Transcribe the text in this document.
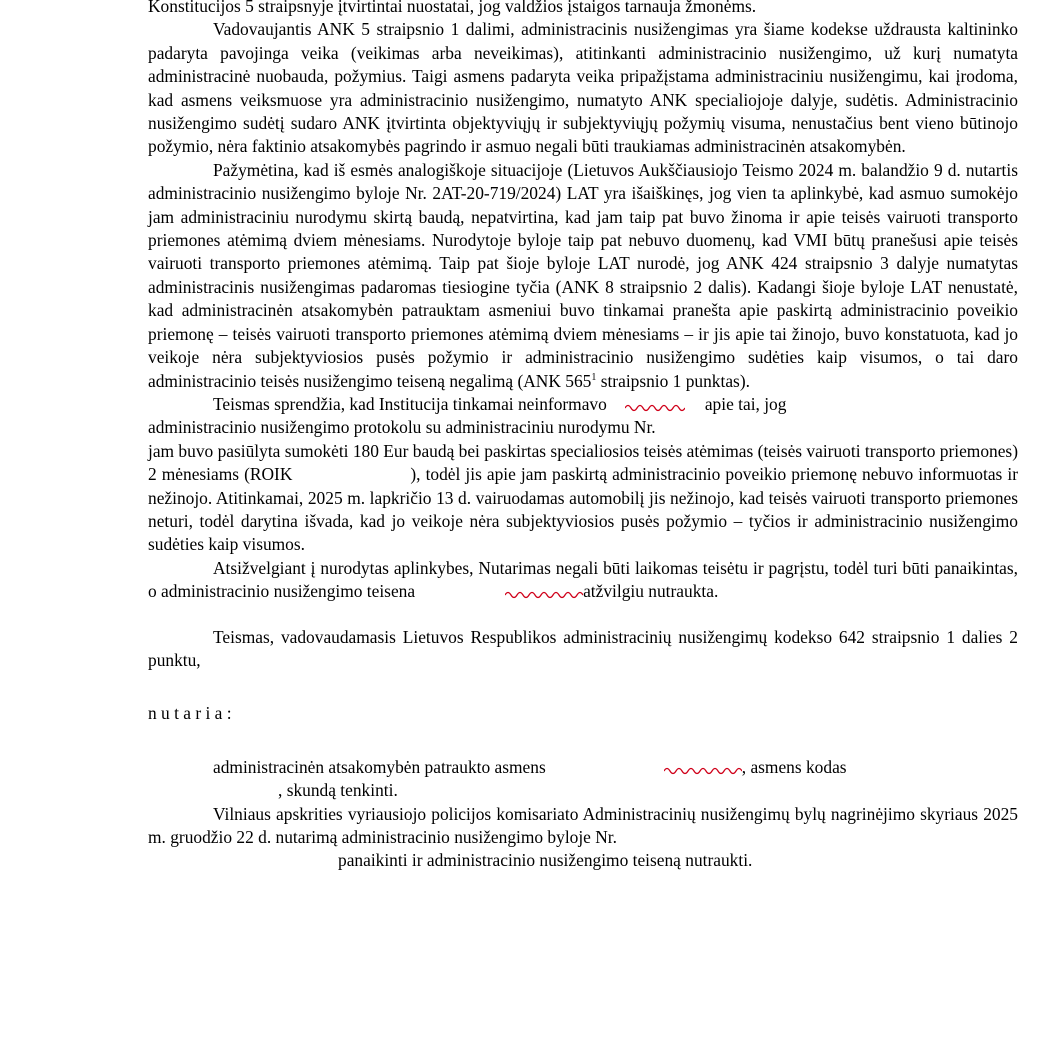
Konstitucijos 5 straipsnyje įtvirtintai nuostatai, jog valdžios įstaigos tarnauja žmonėms.

Vadovaujantis ANK 5 straipsnio 1 dalimi, administracinis nusižengimas yra šiame kodekse uždrausta kaltininko padaryta pavojinga veika (veikimas arba neveikimas), atitinkanti administracinio nusižengimo, už kurį numatyta administracinė nuobauda, požymius. Taigi asmens padaryta veika pripažįstama administraciniu nusižengimu, kai įrodoma, kad asmens veiksmuose yra administracinio nusižengimo, numatyto ANK specialiojoje dalyje, sudėtis. Administracinio nusižengimo sudėtį sudaro ANK įtvirtinta objektyviųjų ir subjektyviųjų požymių visuma, nenustačius bent vieno būtinojo požymio, nėra faktinio atsakomybės pagrindo ir asmuo negali būti traukiamas administracinėn atsakomybėn.

Pažymėtina, kad iš esmės analogiškoje situacijoje (Lietuvos Aukščiausiojo Teismo 2024 m. balandžio 9 d. nutartis administracinio nusižengimo byloje Nr. 2AT-20-719/2024) LAT yra išaiškinęs, jog vien ta aplinkybė, kad asmuo sumokėjo jam administraciniu nurodymu skirtą baudą, nepatvirtina, kad jam taip pat buvo žinoma ir apie teisės vairuoti transporto priemones atėmimą dviem mėnesiams. Nurodytoje byloje taip pat nebuvo duomenų, kad VMI būtų pranešusi apie teisės vairuoti transporto priemones atėmimą. Taip pat šioje byloje LAT nurodė, jog ANK 424 straipsnio 3 dalyje numatytas administracinis nusižengimas padaromas tiesiogine tyčia (ANK 8 straipsnio 2 dalis). Kadangi šioje byloje LAT nenustatė, kad administracinėn atsakomybėn patrauktam asmeniui buvo tinkamai pranešta apie paskirtą administracinio poveikio priemonę – teisės vairuoti transporto priemones atėmimą dviem mėnesiams – ir jis apie tai žinojo, buvo konstatuota, kad jo veikoje nėra subjektyviosios pusės požymio ir administracinio nusižengimo sudėties kaip visumos, o tai daro administracinio teisės nusižengimo teiseną negalimą (ANK $565^1$ straipsnio 1 punktas).

Teismas sprendžia, kad Institucija tinkamai neinformavo	apie tai, jog

administracinio nusižengimo protokolu su administraciniu nurodymu Nr.

jam buvo pasiūlyta sumokėti 180 Eur baudą bei paskirtas specialiosios teisės atėmimas (teisės vairuoti transporto priemones) 2 mėnesiams (ROIK	), todėl jis apie jam paskirtą administracinio poveikio priemonę nebuvo informuotas ir nežinojo. Atitinkamai, 2025 m. lapkričio 13 d. vairuodamas automobilį jis nežinojo, kad teisės vairuoti transporto priemones neturi, todėl darytina išvada, kad jo veikoje nėra subjektyviosios pusės požymio – tyčios ir administracinio nusižengimo sudėties kaip visumos.

Atsižvelgiant į nurodytas aplinkybes, Nutarimas negali būti laikomas teisėtu ir pagrįstu, todėl turi būti panaikintas, o administracinio nusižengimo teisena	atžvilgiu nutraukta.

Teismas, vadovaudamasis Lietuvos Respublikos administracinių nusižengimų kodekso 642 straipsnio 1 dalies 2 punktu,

n u t a r i a :

administracinėn atsakomybėn patraukto asmens	, asmens kodas

, skundą tenkinti.

Vilniaus apskrities vyriausiojo policijos komisariato Administracinių nusižengimų bylų nagrinėjimo skyriaus 2025 m. gruodžio 22 d. nutarimą administracinio nusižengimo byloje Nr.

panaikinti ir administracinio nusižengimo teiseną nutraukti.
